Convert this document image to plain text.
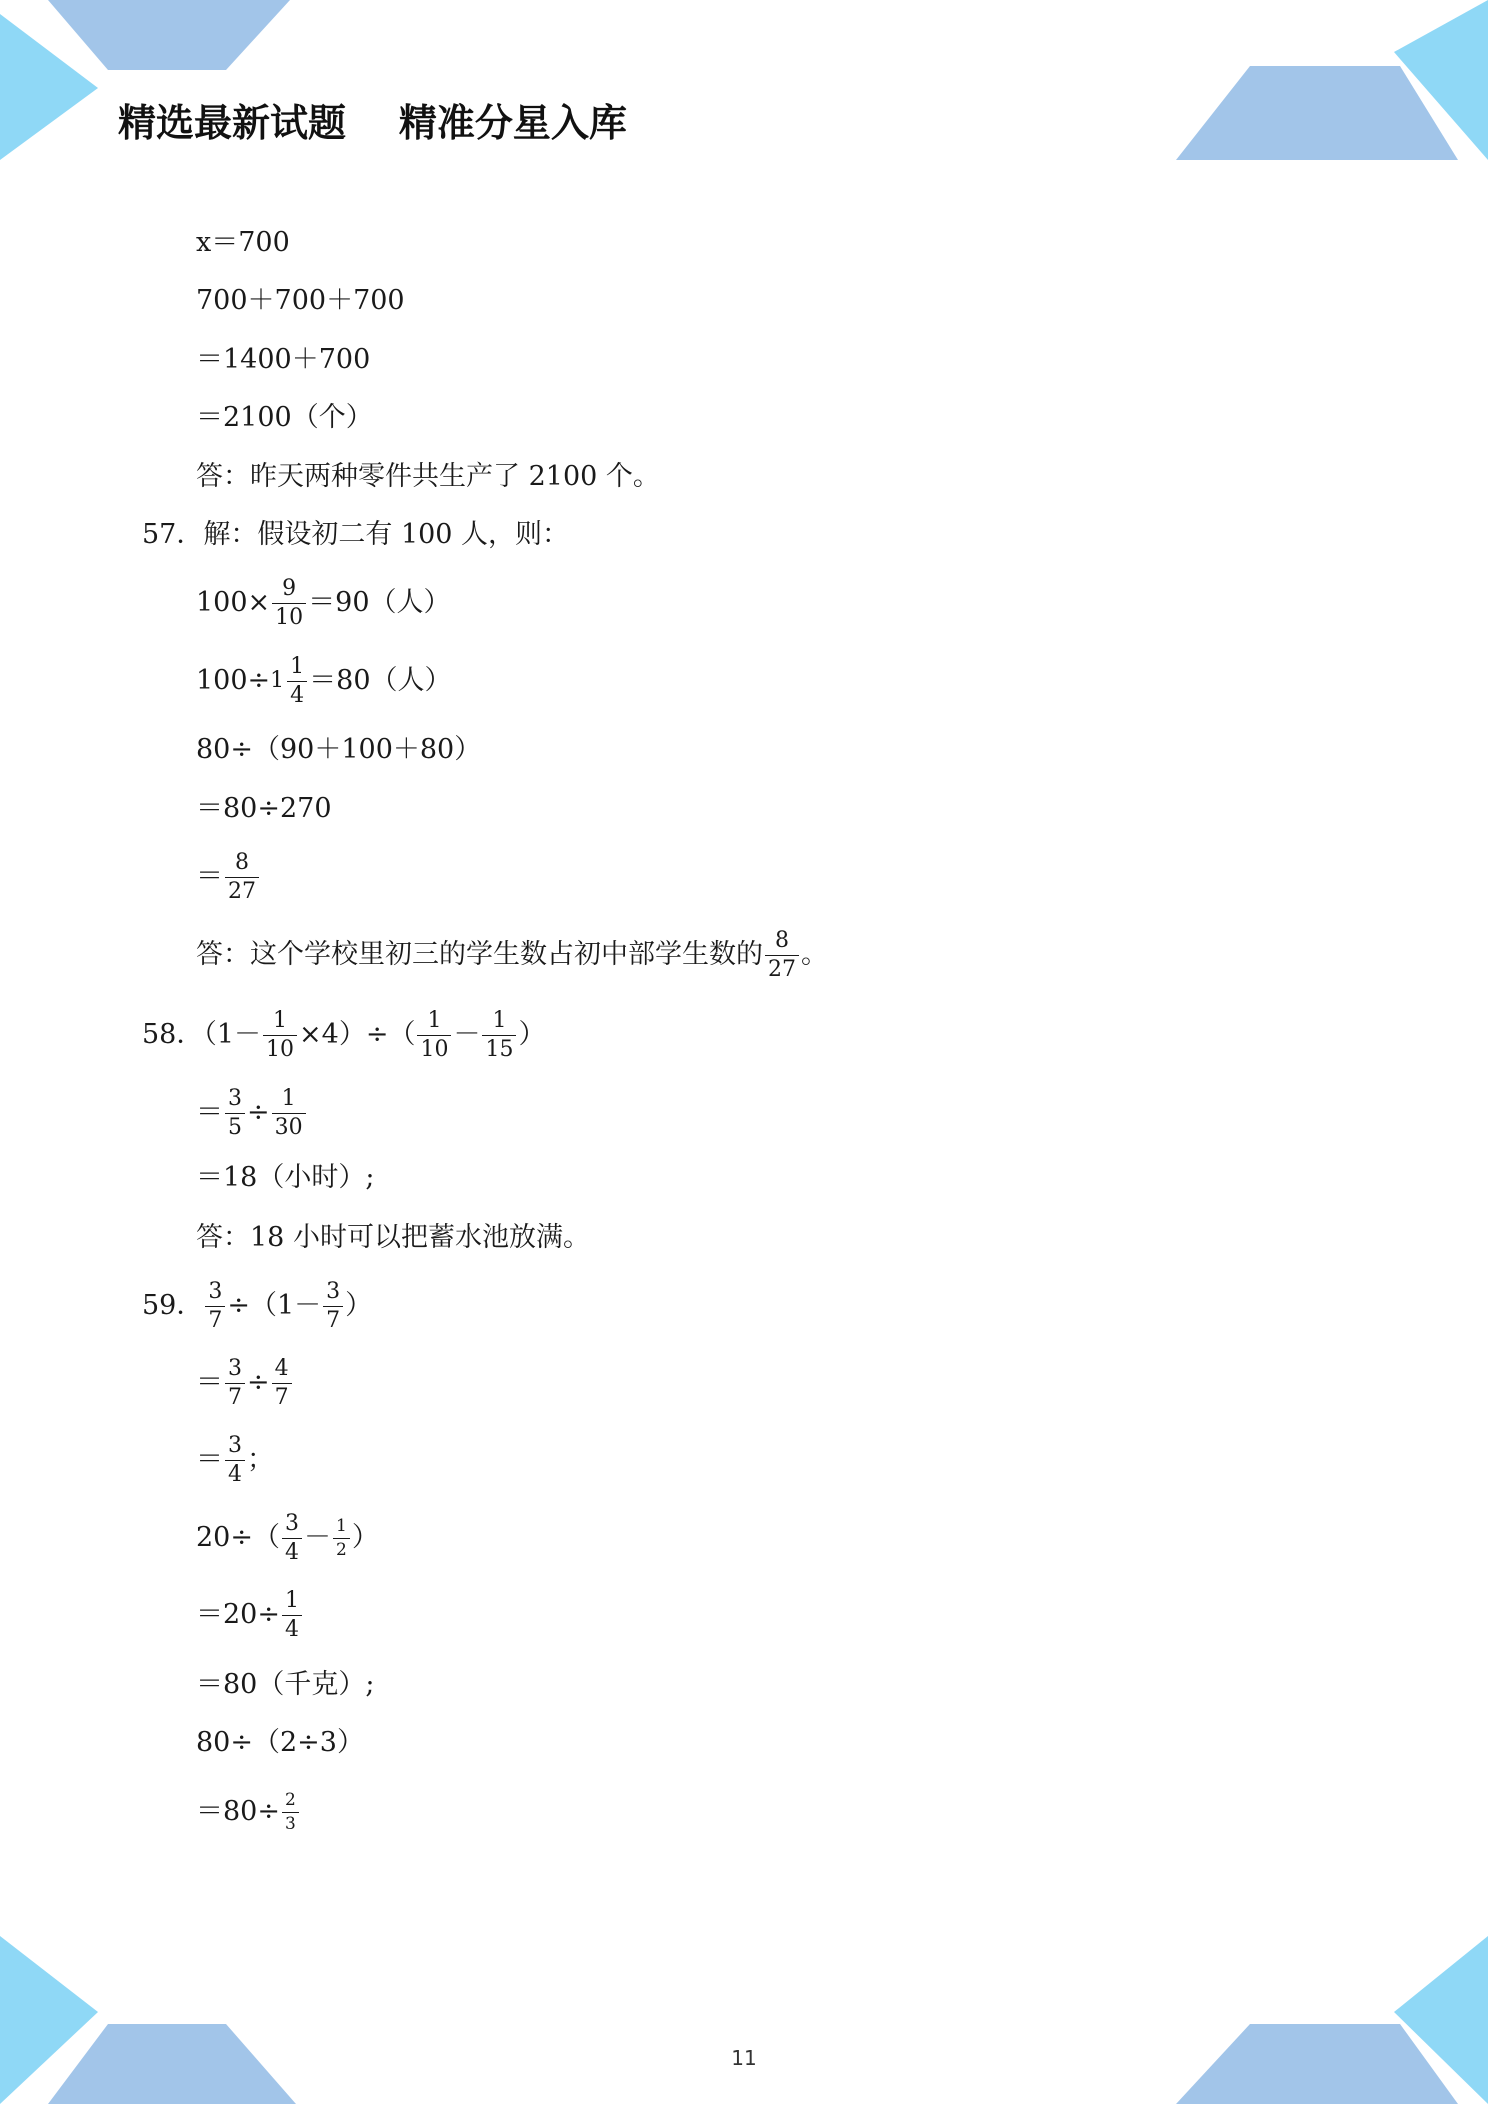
精选最新试题    精准分星入库
x＝700
700＋700＋700
＝1400＋700
＝2100（个）
答：昨天两种零件共生产了 2100 个。
57．解：假设初二有 100 人，则：
$100\times \frac{9}{10} =90$（人）
$100\div 1 \frac{1}{4} =80$（人）
80÷（90＋100＋80）
＝80÷270
＝ $\frac{8}{27}$
答：这个学校里初三的学生数占初中部学生数的 $\frac{8}{27}$ 。
58．$(1- \frac{1}{10} \times 4)\div( \frac{1}{10} - \frac{1}{15}$ ）
＝ $\frac{3}{5} \div \frac{1}{30}$
＝18（小时）;
答：18 小时可以把蓄水池放满。
59． $\frac{3}{7} \div(1- \frac{3}{7}$ ）
＝ $\frac{3}{7} \div \frac{4}{7}$
＝ $\frac{3}{4}$ ；
$20\div( \frac{3}{4} - \frac{1}{2}$ ）
$=20\div \frac{1}{4}$
＝80（千克）;
80÷（2÷3）
$=80\div \frac{2}{3}$
11
